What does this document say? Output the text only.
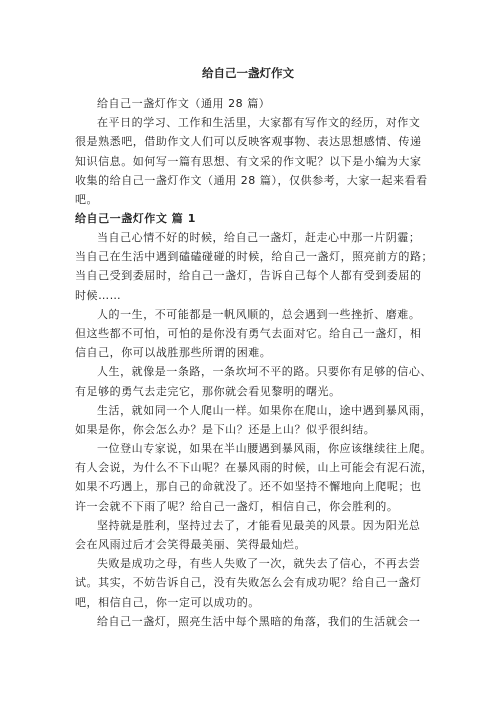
给自己一盏灯作文
给自己一盏灯作文（通用 28 篇）
在平日的学习、工作和生活里，大家都有写作文的经历，对作文
很是熟悉吧，借助作文人们可以反映客观事物、表达思想感情、传递
知识信息。如何写一篇有思想、有文采的作文呢？以下是小编为大家
收集的给自己一盏灯作文（通用 28 篇），仅供参考，大家一起来看看
吧。
给自己一盏灯作文 篇 1
当自己心情不好的时候，给自己一盏灯，赶走心中那一片阴霾；
当自己在生活中遇到磕磕碰碰的时候，给自己一盏灯，照亮前方的路；
当自己受到委屈时，给自己一盏灯，告诉自己每个人都有受到委屈的
时候……
人的一生，不可能都是一帆风顺的，总会遇到一些挫折、磨难。
但这些都不可怕，可怕的是你没有勇气去面对它。给自己一盏灯，相
信自己，你可以战胜那些所谓的困难。
人生，就像是一条路，一条坎坷不平的路。只要你有足够的信心、
有足够的勇气去走完它，那你就会看见黎明的曙光。
生活，就如同一个人爬山一样。如果你在爬山，途中遇到暴风雨，
如果是你，你会怎么办？是下山？还是上山？似乎很纠结。
一位登山专家说，如果在半山腰遇到暴风雨，你应该继续往上爬。
有人会说，为什么不下山呢？在暴风雨的时候，山上可能会有泥石流，
如果不巧遇上，那自己的命就没了。还不如坚持不懈地向上爬呢；也
许一会就不下雨了呢？给自己一盏灯，相信自己，你会胜利的。
坚持就是胜利，坚持过去了，才能看见最美的风景。因为阳光总
会在风雨过后才会笑得最美丽、笑得最灿烂。
失败是成功之母，有些人失败了一次，就失去了信心，不再去尝
试。其实，不妨告诉自己，没有失败怎么会有成功呢？给自己一盏灯
吧，相信自己，你一定可以成功的。
给自己一盏灯，照亮生活中每个黑暗的角落，我们的生活就会一
